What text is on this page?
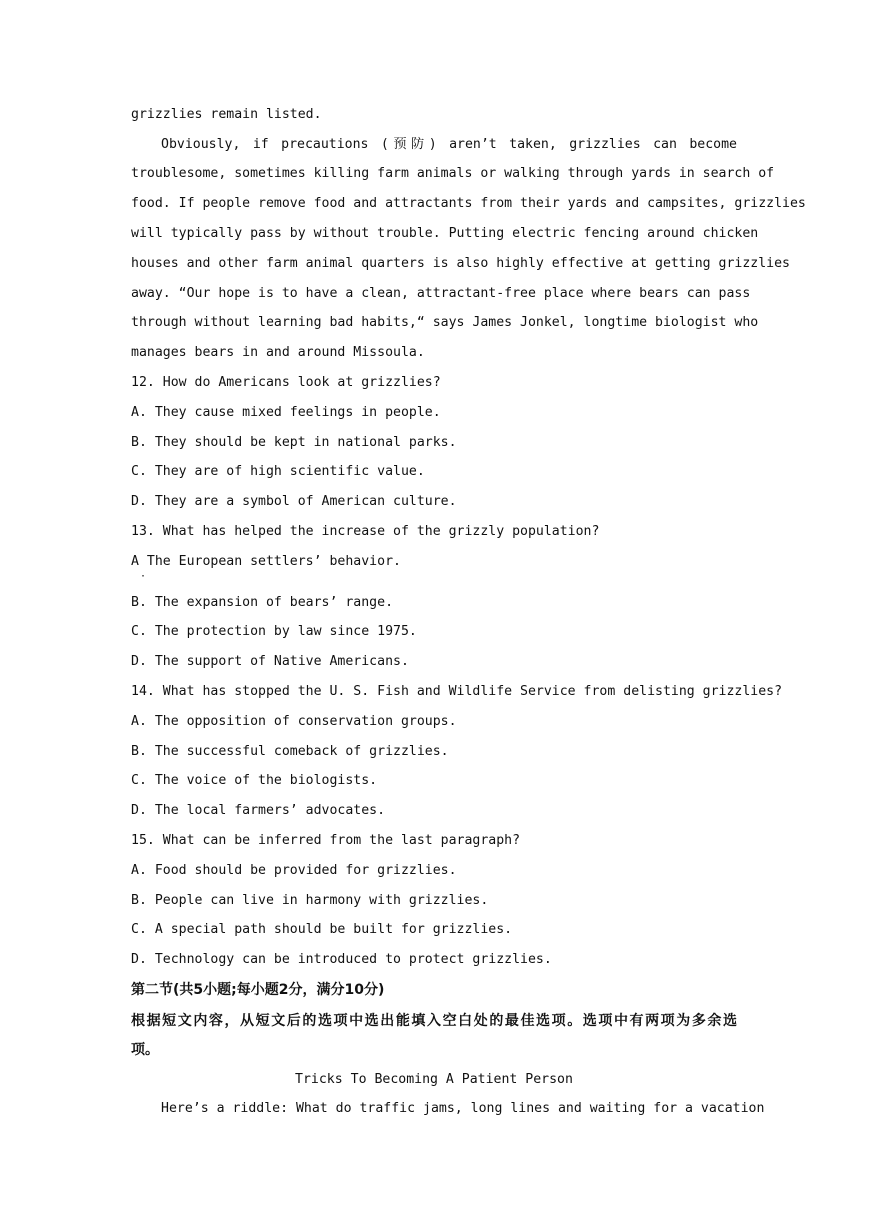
grizzlies remain listed.
Obviously, if precautions (预防) aren’t taken, grizzlies can become
troublesome, sometimes killing farm animals or walking through yards in search of
food. If people remove food and attractants from their yards and campsites, grizzlies
will typically pass by without trouble. Putting electric fencing around chicken
houses and other farm animal quarters is also highly effective at getting grizzlies
away. “Our hope is to have a clean, attractant-free place where bears can pass
through without learning bad habits,“ says James Jonkel, longtime biologist who
manages bears in and around Missoula.
12. How do Americans look at grizzlies?
A. They cause mixed feelings in people.
B. They should be kept in national parks.
C. They are of high scientific value.
D. They are a symbol of American culture.
13. What has helped the increase of the grizzly population?
A The European settlers’ behavior.
·
B. The expansion of bears’ range.
C. The protection by law since 1975.
D. The support of Native Americans.
14. What has stopped the U. S. Fish and Wildlife Service from delisting grizzlies?
A. The opposition of conservation groups.
B. The successful comeback of grizzlies.
C. The voice of the biologists.
D. The local farmers’ advocates.
15. What can be inferred from the last paragraph?
A. Food should be provided for grizzlies.
B. People can live in harmony with grizzlies.
C. A special path should be built for grizzlies.
D. Technology can be introduced to protect grizzlies.
第二节(共5小题;每小题2分，满分10分)
根据短文内容，从短文后的选项中选出能填入空白处的最佳选项。选项中有两项为多余选
项。
Tricks To Becoming A Patient Person
Here’s a riddle: What do traffic jams, long lines and waiting for a vacation
